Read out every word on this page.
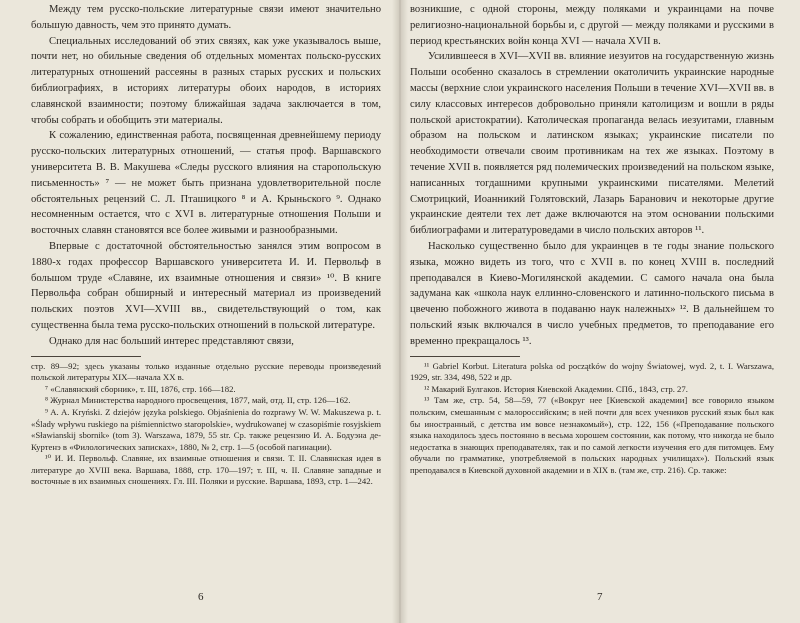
Между тем русско-польские литературные связи имеют значительно большую давность, чем это принято думать.

Специальных исследований об этих связях, как уже указывалось выше, почти нет, но обильные сведения об отдельных моментах польско-русских литературных отношений рассеяны в разных старых русских и польских библиографиях, в историях литературы обоих народов, в историях славянской взаимности; поэтому ближайшая задача заключается в том, чтобы собрать и обобщить эти материалы.

К сожалению, единственная работа, посвященная древнейшему периоду русско-польских литературных отношений, — статья проф. Варшавского университета В. В. Макушева «Следы русского влияния на старопольскую письменность» ⁷ — не может быть признана удовлетворительной после обстоятельных рецензий С. Л. Пташицкого ⁸ и А. Крыньского ⁹. Однако несомненным остается, что с XVI в. литературные отношения Польши и восточных славян становятся все более живыми и разнообразными.

Впервые с достаточной обстоятельностью занялся этим вопросом в 1880-х годах профессор Варшавского университета И. И. Первольф в большом труде «Славяне, их взаимные отношения и связи» ¹⁰. В книге Первольфа собран обширный и интересный материал из произведений польских поэтов XVI—XVIII вв., свидетельствующий о том, как существенна была тема русско-польских отношений в польской литературе.

Однако для нас больший интерес представляют связи,

стр. 89—92; здесь указаны только изданные отдельно русские переводы произведений польской литературы XIX—начала XX в.

⁷ «Славянский сборник», т. III, 1876, стр. 166—182.

⁸ Журнал Министерства народного просвещения, 1877, май, отд. II, стр. 126—162.

⁹ A. A. Kryński. Z dziejów języka polskiego. Objaśnienia do rozprawy W. W. Makuszewa p. t. «Ślady wpływu ruskiego na piśmiennictwo staropolskie», wydrukowanej w czasopiśmie rosyjskiem «Sławianskij sbornik» (tom 3). Warszawa, 1879, 55 str. Ср. также рецензию И. А. Бодуэна де-Куртенэ в «Филологических записках», 1880, № 2, стр. 1—5 (особой пагинации).

¹⁰ И. И. Первольф. Славяне, их взаимные отношения и связи. Т. II. Славянская идея в литературе до XVIII века. Варшава, 1888, стр. 170—197; т. III, ч. II. Славяне западные и восточные в их взаимных сношениях. Гл. III. Поляки и русские. Варшава, 1893, стр. 1—242.

6

возникшие, с одной стороны, между поляками и украинцами на почве религиозно-национальной борьбы и, с другой — между поляками и русскими в период крестьянских войн конца XVI — начала XVII в.

Усилившееся в XVI—XVII вв. влияние иезуитов на государственную жизнь Польши особенно сказалось в стремлении окатоличить украинские народные массы (верхние слои украинского населения Польши в течение XVI—XVII вв. в силу классовых интересов добровольно приняли католицизм и вошли в ряды польской аристократии). Католическая пропаганда велась иезуитами, главным образом на польском и латинском языках; украинские писатели по необходимости отвечали своим противникам на тех же языках. Поэтому в течение XVII в. появляется ряд полемических произведений на польском языке, написанных тогдашними крупными украинскими писателями. Мелетий Смотрицкий, Иоанникий Голятовский, Лазарь Баранович и некоторые другие украинские деятели тех лет даже включаются на этом основании польскими библиографами и литературоведами в число польских авторов ¹¹.

Насколько существенно было для украинцев в те годы знание польского языка, можно видеть из того, что с XVII в. по конец XVIII в. последний преподавался в Киево-Могилянской академии. С самого начала она была задумана как «школа наук еллинно-словенского и латинно-польского письма в цвеченю побожного живота в подаваню наук належных» ¹². В дальнейшем то польский язык включался в число учебных предметов, то преподавание его временно прекращалось ¹³.

¹¹ Gabriel Korbut. Literatura polska od początków do wojny Światowej, wyd. 2, t. I. Warszawa, 1929, str. 334, 498, 522 и др.

¹² Макарий Булгаков. История Киевской Академии. СПб., 1843, стр. 27.

¹³ Там же, стр. 54, 58—59, 77 («Вокруг нее [Киевской академии] все говорило языком польским, смешанным с малороссийским; в ней почти для всех учеников русский язык был как бы иностранный, с детства им вовсе незнакомый»), стр. 122, 156 («Преподавание польского языка находилось здесь постоянно в весьма хорошем состоянии, как потому, что никогда не было недостатка в знающих преподавателях, так и по самой легкости изучения его для питомцев. Ему обучали по грамматике, употребляемой в польских народных училищах»). Польский язык преподавался в Киевской духовной академии и в XIX в. (там же, стр. 216). Ср. также:

7
